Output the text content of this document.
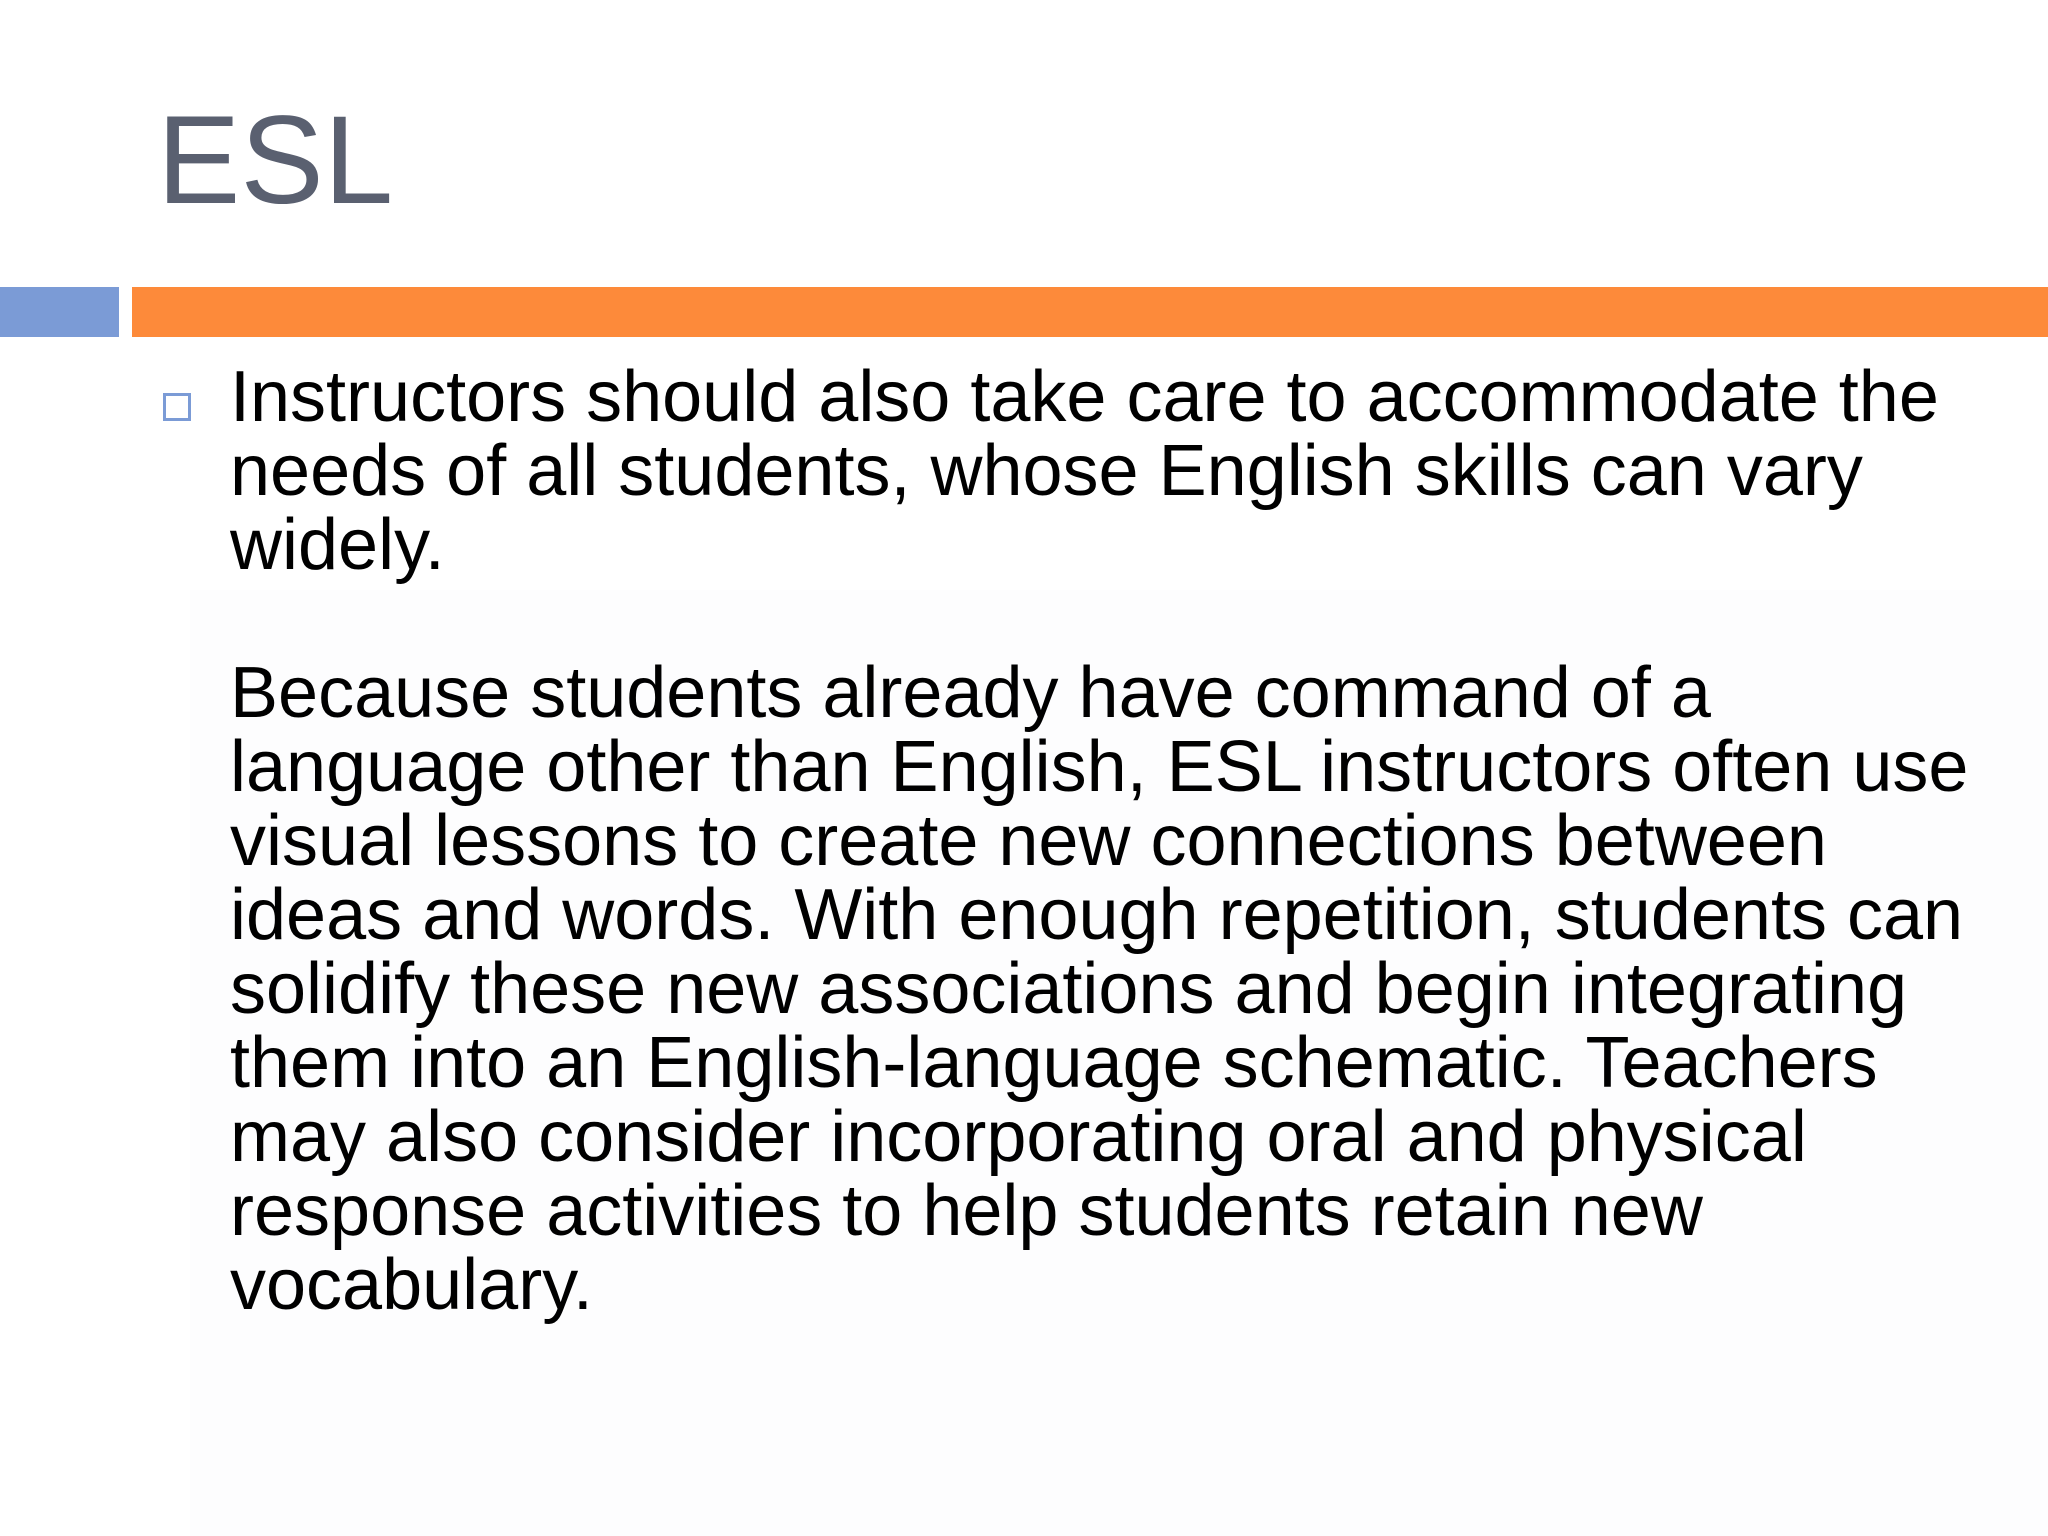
ESL
Instructors should also take care to accommodate the needs of all students, whose English skills can vary widely.
Because students already have command of a language other than English, ESL instructors often use visual lessons to create new connections between ideas and words. With enough repetition, students can solidify these new associations and begin integrating them into an English-language schematic. Teachers may also consider incorporating oral and physical response activities to help students retain new vocabulary.
